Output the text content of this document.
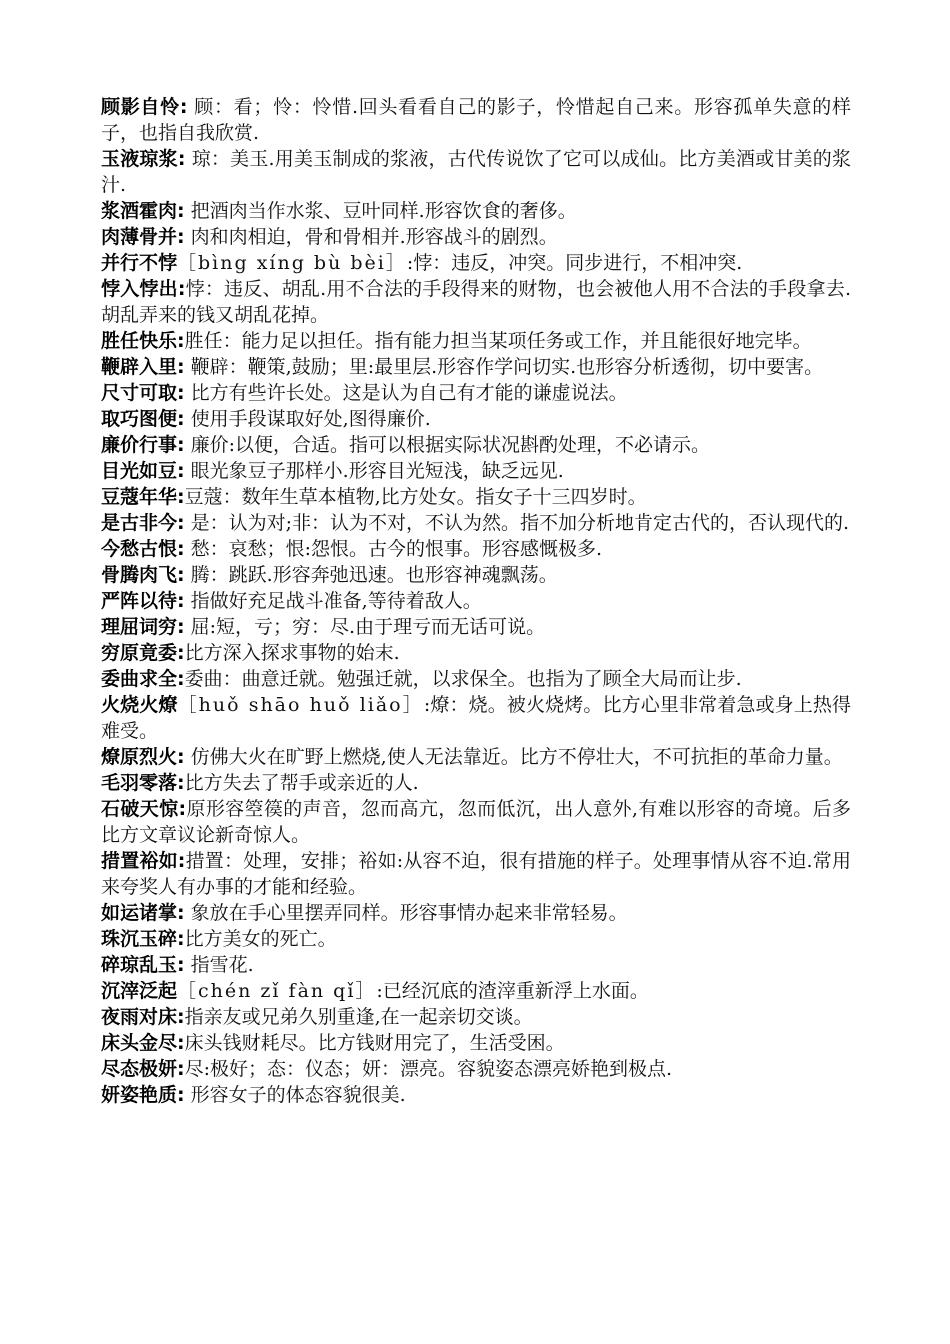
顾影自怜: 顾：看；怜：怜惜.回头看看自己的影子，怜惜起自己来。形容孤单失意的样子，也指自我欣赏.

玉液琼浆: 琼：美玉.用美玉制成的浆液，古代传说饮了它可以成仙。比方美酒或甘美的浆汁.

浆酒霍肉: 把酒肉当作水浆、豆叶同样.形容饮食的奢侈。

肉薄骨并: 肉和肉相迫，骨和骨相并.形容战斗的剧烈。

并行不悖［bìng xíng bù bèi］:悖：违反，冲突。同步进行，不相冲突.

悖入悖出:悖：违反、胡乱.用不合法的手段得来的财物，也会被他人用不合法的手段拿去.胡乱弄来的钱又胡乱花掉。

胜任快乐:胜任：能力足以担任。指有能力担当某项任务或工作，并且能很好地完毕。

鞭辟入里: 鞭辟：鞭策,鼓励；里:最里层.形容作学问切实.也形容分析透彻，切中要害。

尺寸可取: 比方有些许长处。这是认为自己有才能的谦虚说法。

取巧图便: 使用手段谋取好处,图得廉价.

廉价行事: 廉价:以便，合适。指可以根据实际状况斟酌处理，不必请示。

目光如豆: 眼光象豆子那样小.形容目光短浅，缺乏远见.

豆蔻年华:豆蔻：数年生草本植物,比方处女。指女子十三四岁时。

是古非今: 是：认为对;非：认为不对，不认为然。指不加分析地肯定古代的，否认现代的.

今愁古恨: 愁：哀愁；恨:怨恨。古今的恨事。形容感慨极多.

骨腾肉飞: 腾：跳跃.形容奔弛迅速。也形容神魂飘荡。

严阵以待: 指做好充足战斗准备,等待着敌人。

理屈词穷: 屈:短，亏；穷：尽.由于理亏而无话可说。

穷原竟委:比方深入探求事物的始末.

委曲求全:委曲：曲意迁就。勉强迁就，以求保全。也指为了顾全大局而让步.

火烧火燎［huǒ shāo huǒ liǎo］:燎：烧。被火烧烤。比方心里非常着急或身上热得难受。

燎原烈火: 仿佛大火在旷野上燃烧,使人无法靠近。比方不停壮大，不可抗拒的革命力量。

毛羽零落:比方失去了帮手或亲近的人.

石破天惊:原形容箜篌的声音，忽而高亢，忽而低沉，出人意外,有难以形容的奇境。后多比方文章议论新奇惊人。

措置裕如:措置：处理，安排；裕如:从容不迫，很有措施的样子。处理事情从容不迫.常用来夸奖人有办事的才能和经验。

如运诸掌: 象放在手心里摆弄同样。形容事情办起来非常轻易。

珠沉玉碎:比方美女的死亡。

碎琼乱玉: 指雪花.

沉滓泛起［chén zǐ fàn qǐ］:已经沉底的渣滓重新浮上水面。

夜雨对床:指亲友或兄弟久别重逢,在一起亲切交谈。

床头金尽:床头钱财耗尽。比方钱财用完了，生活受困。

尽态极妍:尽:极好；态：仪态；妍：漂亮。容貌姿态漂亮娇艳到极点.

妍姿艳质: 形容女子的体态容貌很美.
